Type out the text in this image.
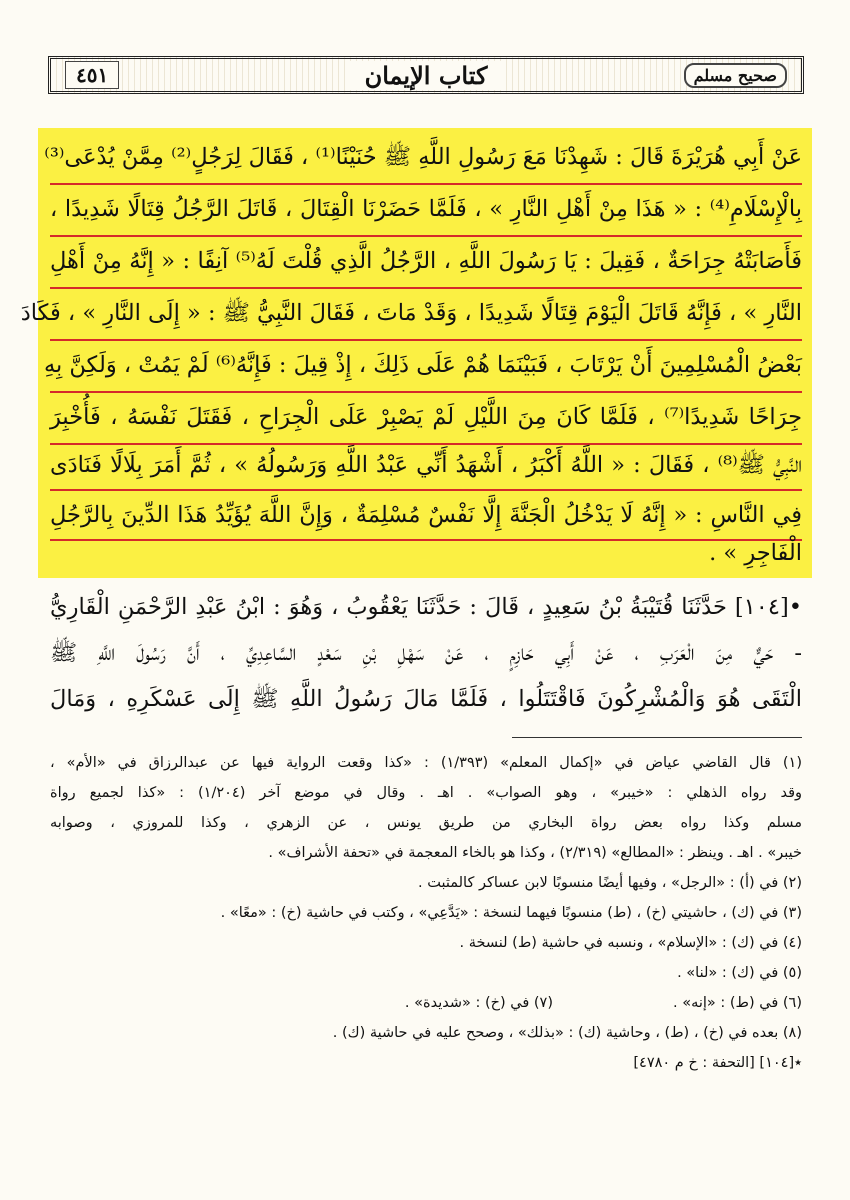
٤٥١	كتاب الإيمان	صحيح مسلم
عَنْ أَبِي هُرَيْرَةَ قَالَ : شَهِدْنَا مَعَ رَسُولِ اللَّهِ ﷺ حُنَيْنًا⁽¹⁾ ، فَقَالَ لِرَجُلٍ⁽²⁾ مِمَّنْ يُدْعَى⁽³⁾
بِالْإِسْلَامِ⁽⁴⁾ : « هَذَا مِنْ أَهْلِ النَّارِ » ، فَلَمَّا حَضَرْنَا الْقِتَالَ ، قَاتَلَ الرَّجُلُ قِتَالًا شَدِيدًا ،
فَأَصَابَتْهُ جِرَاحَةٌ ، فَقِيلَ : يَا رَسُولَ اللَّهِ ، الرَّجُلُ الَّذِي قُلْتَ لَهُ⁽⁵⁾ آنِفًا : « إِنَّهُ مِنْ أَهْلِ
النَّارِ » ، فَإِنَّهُ قَاتَلَ الْيَوْمَ قِتَالًا شَدِيدًا ، وَقَدْ مَاتَ ، فَقَالَ النَّبِيُّ ﷺ : « إِلَى النَّارِ » ، فَكَادَ
بَعْضُ الْمُسْلِمِينَ أَنْ يَرْتَابَ ، فَبَيْنَمَا هُمْ عَلَى ذَلِكَ ، إِذْ قِيلَ : فَإِنَّهُ⁽⁶⁾ لَمْ يَمُتْ ، وَلَكِنَّ بِهِ
جِرَاحًا شَدِيدًا⁽⁷⁾ ، فَلَمَّا كَانَ مِنَ اللَّيْلِ لَمْ يَصْبِرْ عَلَى الْجِرَاحِ ، فَقَتَلَ نَفْسَهُ ، فَأُخْبِرَ
النَّبِيُّ ﷺ⁽⁸⁾ ، فَقَالَ : « اللَّهُ أَكْبَرُ ، أَشْهَدُ أَنِّي عَبْدُ اللَّهِ وَرَسُولُهُ » ، ثُمَّ أَمَرَ بِلَالًا فَنَادَى
فِي النَّاسِ : « إِنَّهُ لَا يَدْخُلُ الْجَنَّةَ إِلَّا نَفْسٌ مُسْلِمَةٌ ، وَإِنَّ اللَّهَ يُؤَيِّدُ هَذَا الدِّينَ بِالرَّجُلِ
الْفَاجِرِ » .
•[١٠٤] حَدَّثَنَا قُتَيْبَةُ بْنُ سَعِيدٍ ، قَالَ : حَدَّثَنَا يَعْقُوبُ ، وَهُوَ : ابْنُ عَبْدِ الرَّحْمَنِ الْقَارِيُّ
- حَيٌّ مِنَ الْعَرَبِ ، عَنْ أَبِي حَازِمٍ ، عَنْ سَهْلِ بْنِ سَعْدٍ السَّاعِدِيِّ ، أَنَّ رَسُولَ اللَّهِ ﷺ
الْتَقَى هُوَ وَالْمُشْرِكُونَ فَاقْتَتَلُوا ، فَلَمَّا مَالَ رَسُولُ اللَّهِ ﷺ إِلَى عَسْكَرِهِ ، وَمَالَ
(١) قال القاضي عياض في «إكمال المعلم» (١/٣٩٣) : «كذا وقعت الرواية فيها عن عبدالرزاق في «الأم» ،
وقد رواه الذهلي : «خيبر» ، وهو الصواب» . اهـ . وقال في موضع آخر (١/٢٠٤) : «كذا لجميع رواة
مسلم وكذا رواه بعض رواة البخاري من طريق يونس ، عن الزهري ، وكذا للمروزي ، وصوابه
خيبر» . اهـ . وينظر : «المطالع» (٢/٣١٩) ، وكذا هو بالخاء المعجمة في «تحفة الأشراف» .
(٢) في (أ) : «الرجل» ، وفيها أيضًا منسوبًا لابن عساكر كالمثبت .
(٣) في (ك) ، حاشيتي (خ) ، (ط) منسوبًا فيهما لنسخة : «يَدَّعِي» ، وكتب في حاشية (خ) : «معًا» .
(٤) في (ك) : «الإسلام» ، ونسبه في حاشية (ط) لنسخة .
(٥) في (ك) : «لنا» .
(٦) في (ط) : «إنه» .
(٧) في (خ) : «شديدة» .
(٨) بعده في (خ) ، (ط) ، وحاشية (ك) : «بذلك» ، وصحح عليه في حاشية (ك) .
٭[١٠٤] [التحفة : خ م ٤٧٨٠]
